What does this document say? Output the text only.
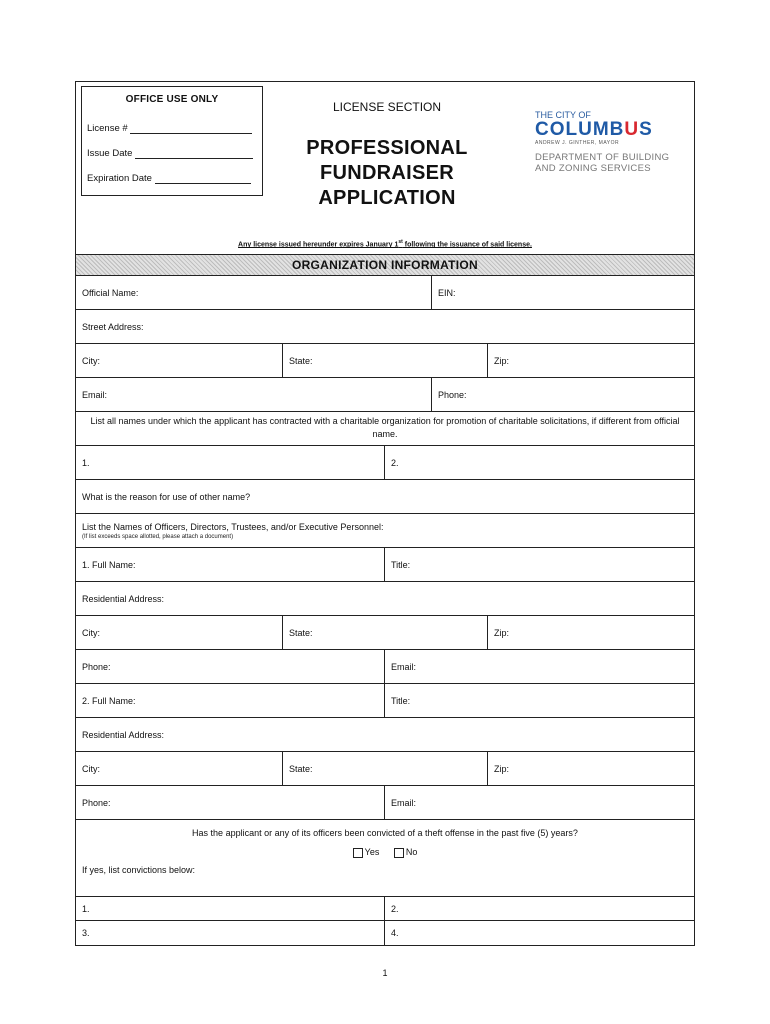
OFFICE USE ONLY
License #
Issue Date
Expiration Date
LICENSE SECTION
PROFESSIONAL
FUNDRAISER
APPLICATION
THE CITY OF
COLUMBUS
ANDREW J. GINTHER, MAYOR
DEPARTMENT OF BUILDING
AND ZONING SERVICES
Any license issued hereunder expires January 1st following the issuance of said license.
ORGANIZATION INFORMATION
Official Name:	EIN:
Street Address:
City:	State:	Zip:
Email:	Phone:
List all names under which the applicant has contracted with a charitable organization for promotion of charitable solicitations, if different from official name.
1.	2.
What is the reason for use of other name?
List the Names of Officers, Directors, Trustees, and/or Executive Personnel:
(If list exceeds space allotted, please attach a document)
1. Full Name:	Title:
Residential Address:
City:	State:	Zip:
Phone:	Email:
2. Full Name:	Title:
Residential Address:
City:	State:	Zip:
Phone:	Email:
Has the applicant or any of its officers been convicted of a theft offense in the past five (5) years?
Yes	No
If yes, list convictions below:
1.	2.
3.	4.
1
